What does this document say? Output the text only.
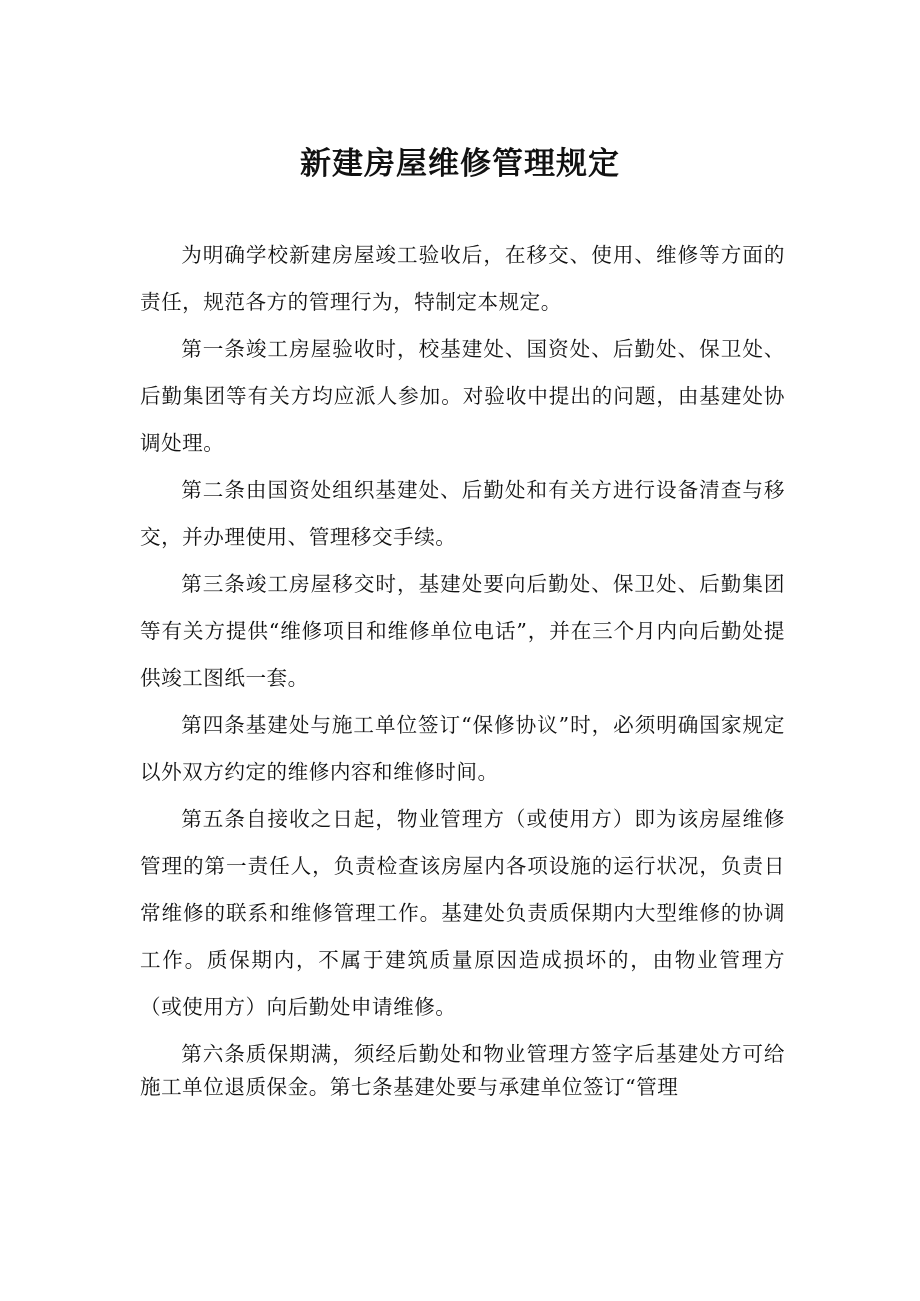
新建房屋维修管理规定

为明确学校新建房屋竣工验收后，在移交、使用、维修等方面的责任，规范各方的管理行为，特制定本规定。

第一条竣工房屋验收时，校基建处、国资处、后勤处、保卫处、后勤集团等有关方均应派人参加。对验收中提出的问题，由基建处协调处理。

第二条由国资处组织基建处、后勤处和有关方进行设备清查与移交，并办理使用、管理移交手续。

第三条竣工房屋移交时，基建处要向后勤处、保卫处、后勤集团等有关方提供“维修项目和维修单位电话”，并在三个月内向后勤处提供竣工图纸一套。

第四条基建处与施工单位签订“保修协议”时，必须明确国家规定以外双方约定的维修内容和维修时间。

第五条自接收之日起，物业管理方（或使用方）即为该房屋维修管理的第一责任人，负责检查该房屋内各项设施的运行状况，负责日常维修的联系和维修管理工作。基建处负责质保期内大型维修的协调工作。质保期内，不属于建筑质量原因造成损坏的，由物业管理方（或使用方）向后勤处申请维修。

第六条质保期满，须经后勤处和物业管理方签字后基建处方可给施工单位退质保金。第七条基建处要与承建单位签订“管理
